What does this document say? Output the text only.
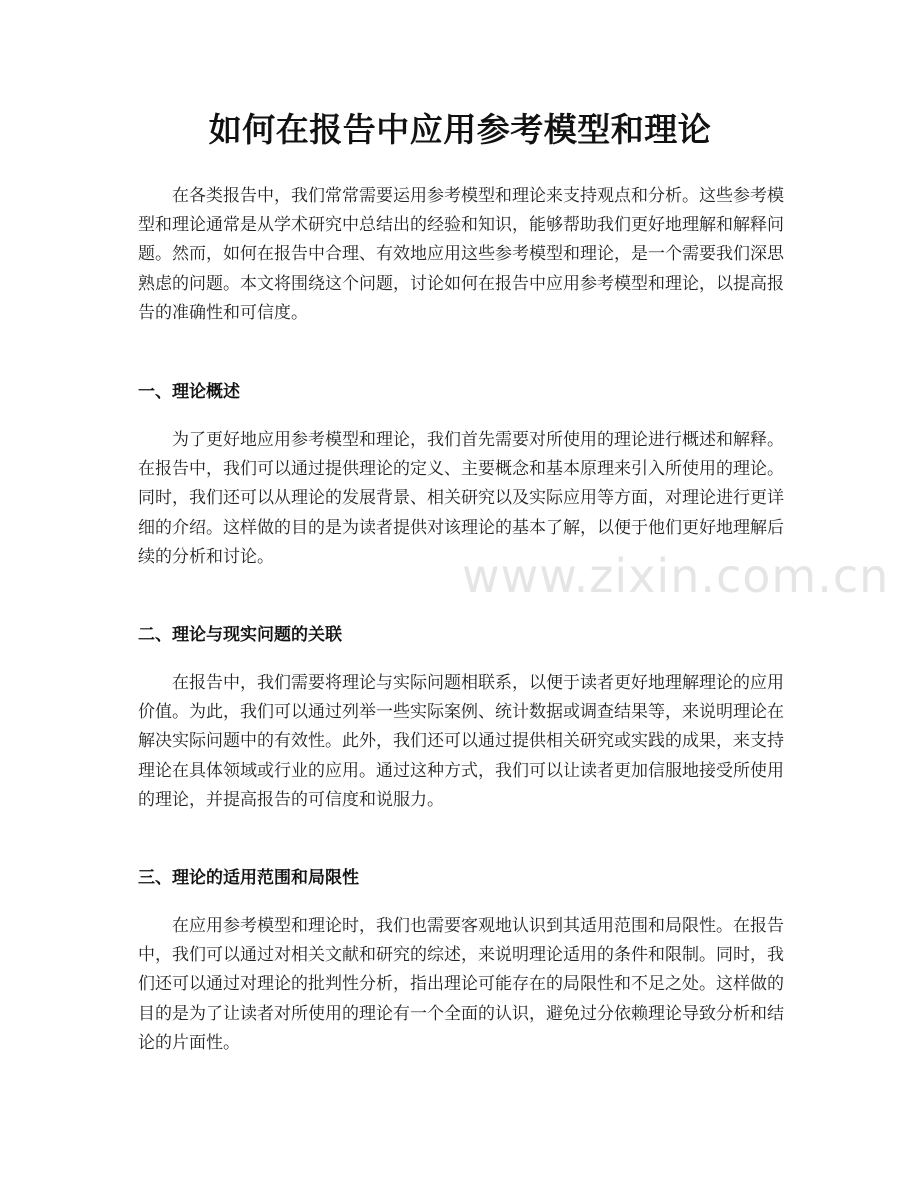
如何在报告中应用参考模型和理论

在各类报告中，我们常常需要运用参考模型和理论来支持观点和分析。这些参考模型和理论通常是从学术研究中总结出的经验和知识，能够帮助我们更好地理解和解释问题。然而，如何在报告中合理、有效地应用这些参考模型和理论，是一个需要我们深思熟虑的问题。本文将围绕这个问题，讨论如何在报告中应用参考模型和理论，以提高报告的准确性和可信度。

一、理论概述

为了更好地应用参考模型和理论，我们首先需要对所使用的理论进行概述和解释。在报告中，我们可以通过提供理论的定义、主要概念和基本原理来引入所使用的理论。同时，我们还可以从理论的发展背景、相关研究以及实际应用等方面，对理论进行更详细的介绍。这样做的目的是为读者提供对该理论的基本了解，以便于他们更好地理解后续的分析和讨论。

二、理论与现实问题的关联

在报告中，我们需要将理论与实际问题相联系，以便于读者更好地理解理论的应用价值。为此，我们可以通过列举一些实际案例、统计数据或调查结果等，来说明理论在解决实际问题中的有效性。此外，我们还可以通过提供相关研究或实践的成果，来支持理论在具体领域或行业的应用。通过这种方式，我们可以让读者更加信服地接受所使用的理论，并提高报告的可信度和说服力。

三、理论的适用范围和局限性

在应用参考模型和理论时，我们也需要客观地认识到其适用范围和局限性。在报告中，我们可以通过对相关文献和研究的综述，来说明理论适用的条件和限制。同时，我们还可以通过对理论的批判性分析，指出理论可能存在的局限性和不足之处。这样做的目的是为了让读者对所使用的理论有一个全面的认识，避免过分依赖理论导致分析和结论的片面性。

www.zixin.com.cn
